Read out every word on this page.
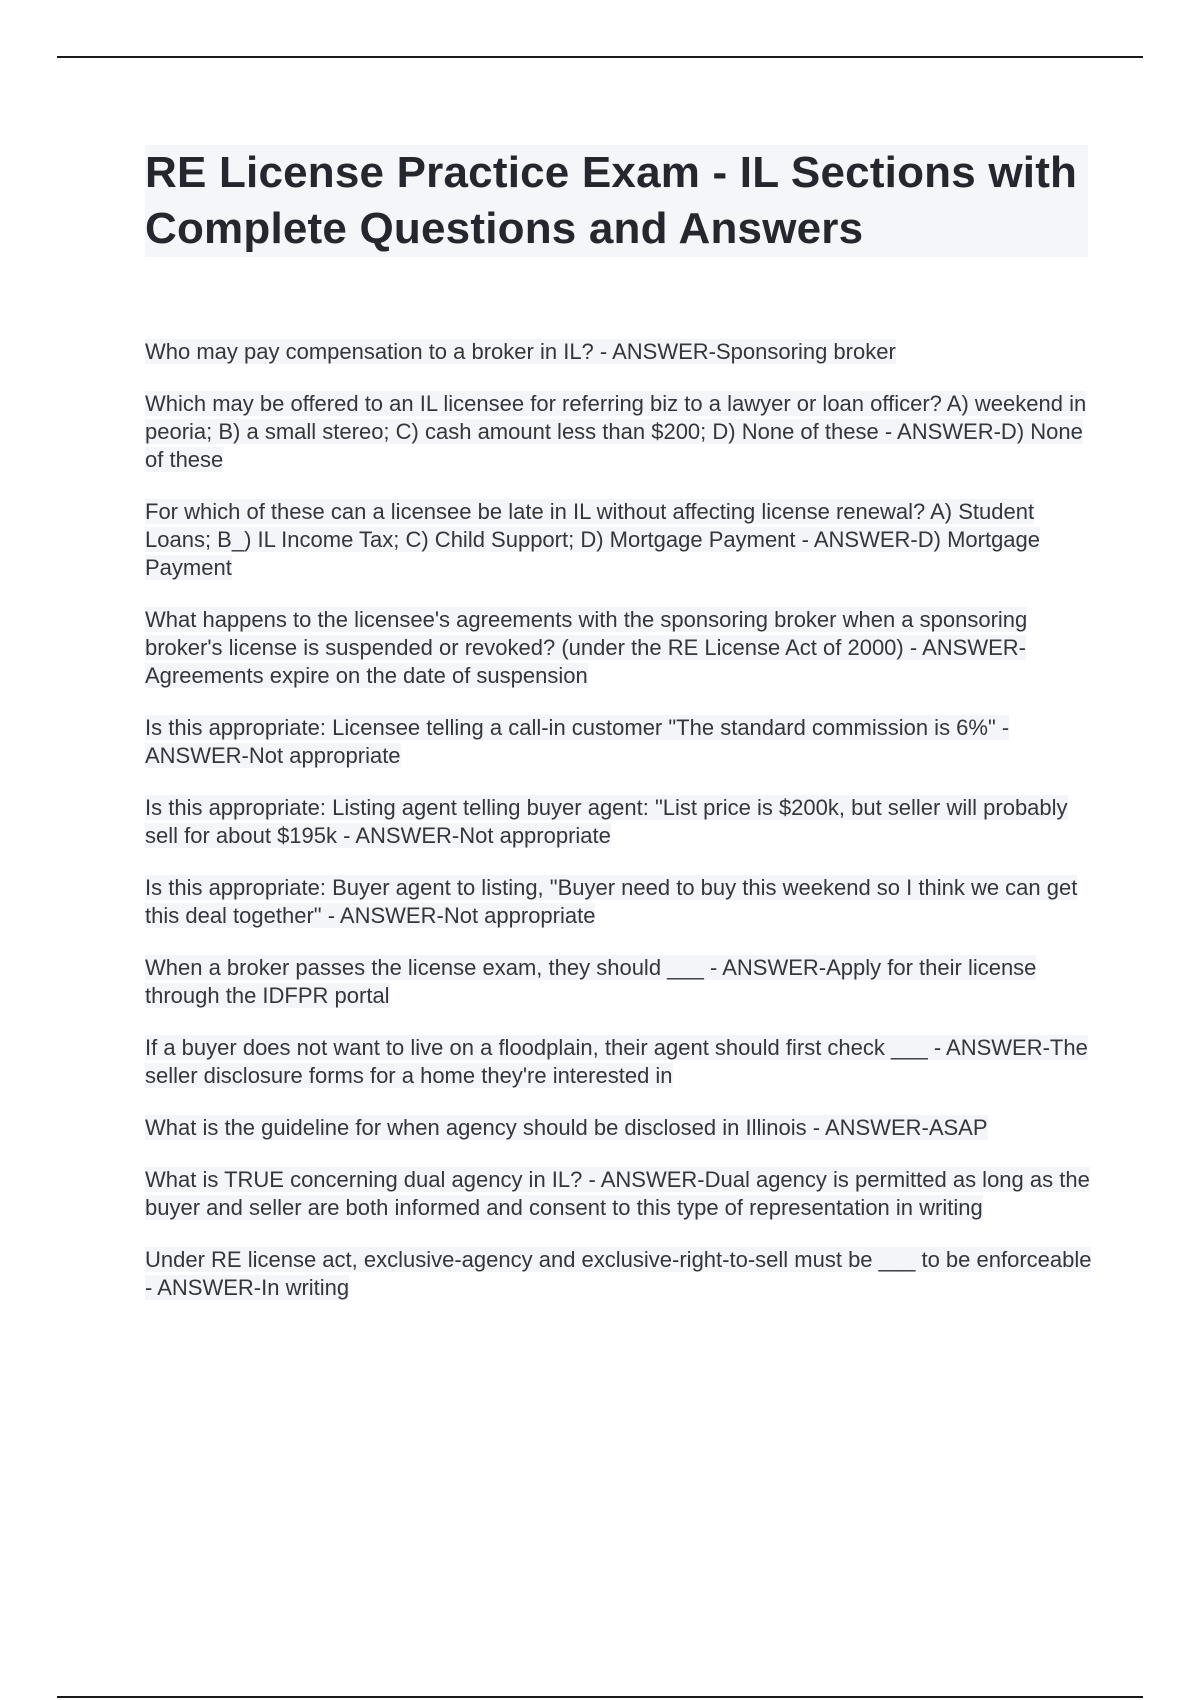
RE License Practice Exam - IL Sections with Complete Questions and Answers

Who may pay compensation to a broker in IL? - ANSWER-Sponsoring broker

Which may be offered to an IL licensee for referring biz to a lawyer or loan officer? A) weekend in peoria; B) a small stereo; C) cash amount less than $200; D) None of these - ANSWER-D) None of these

For which of these can a licensee be late in IL without affecting license renewal? A) Student Loans; B_) IL Income Tax; C) Child Support; D) Mortgage Payment - ANSWER-D) Mortgage Payment

What happens to the licensee's agreements with the sponsoring broker when a sponsoring broker's license is suspended or revoked? (under the RE License Act of 2000) - ANSWER-Agreements expire on the date of suspension

Is this appropriate: Licensee telling a call-in customer "The standard commission is 6%" - ANSWER-Not appropriate

Is this appropriate: Listing agent telling buyer agent: "List price is $200k, but seller will probably sell for about $195k - ANSWER-Not appropriate

Is this appropriate: Buyer agent to listing, "Buyer need to buy this weekend so I think we can get this deal together" - ANSWER-Not appropriate

When a broker passes the license exam, they should ___ - ANSWER-Apply for their license through the IDFPR portal

If a buyer does not want to live on a floodplain, their agent should first check ___ - ANSWER-The seller disclosure forms for a home they're interested in

What is the guideline for when agency should be disclosed in Illinois - ANSWER-ASAP

What is TRUE concerning dual agency in IL? - ANSWER-Dual agency is permitted as long as the buyer and seller are both informed and consent to this type of representation in writing

Under RE license act, exclusive-agency and exclusive-right-to-sell must be ___ to be enforceable - ANSWER-In writing
